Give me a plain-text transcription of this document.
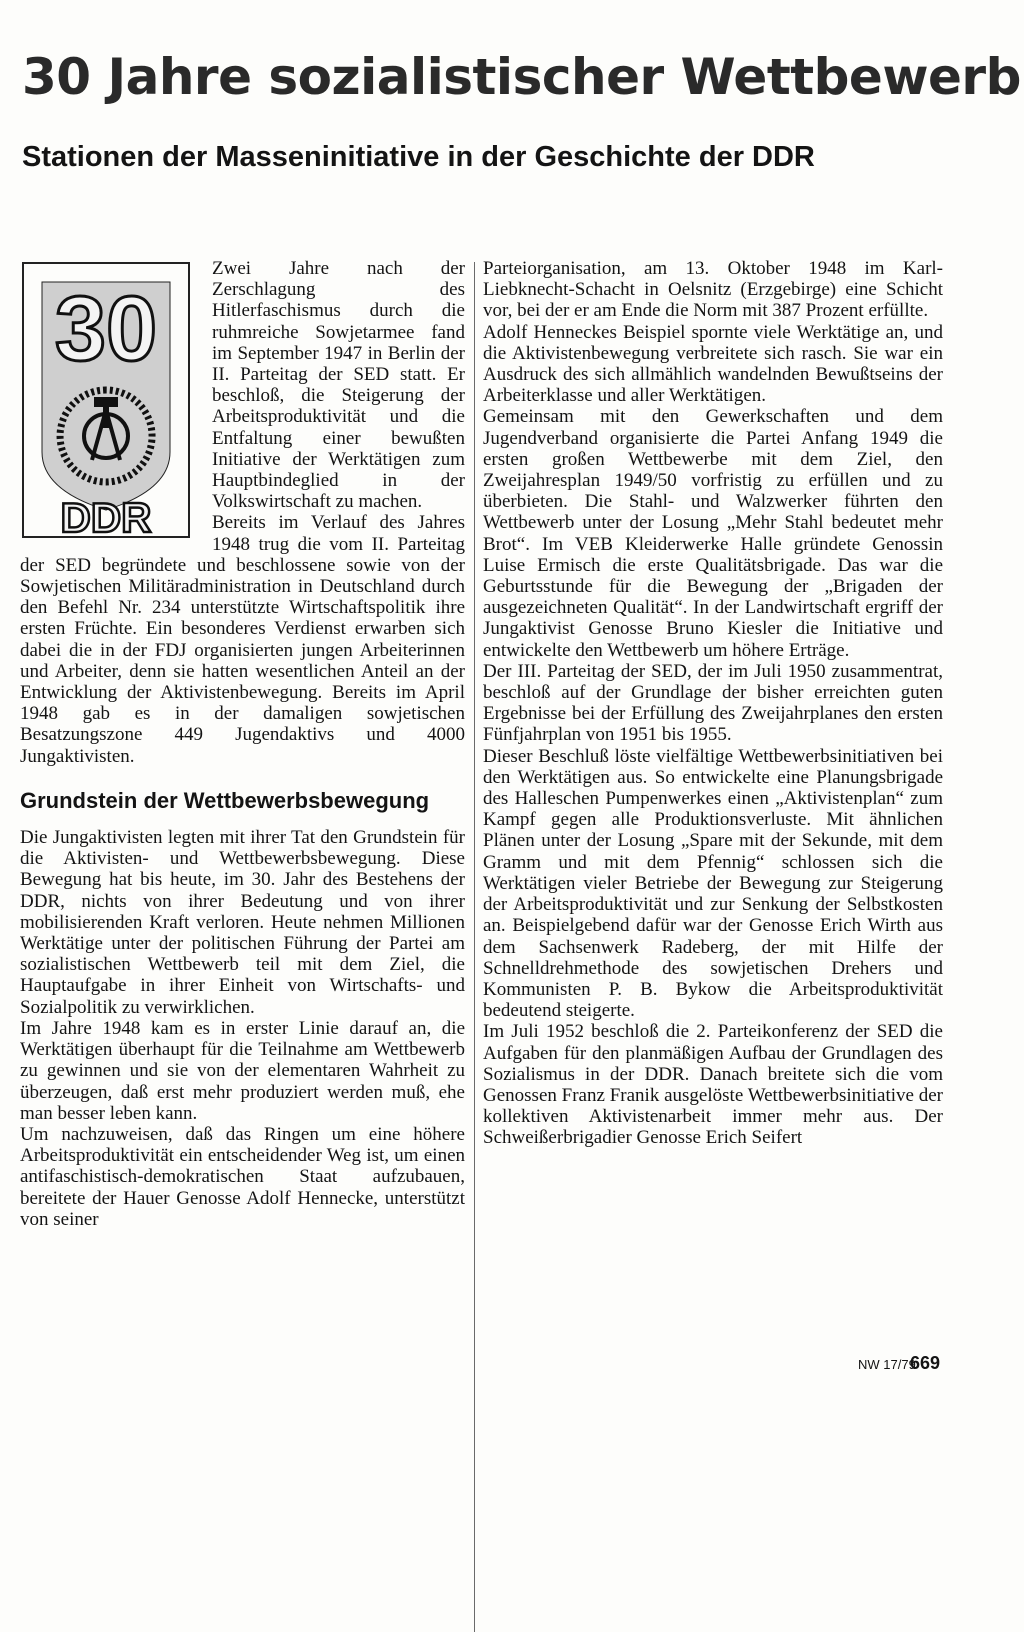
30 Jahre sozialistischer Wettbewerb
Stationen der Masseninitiative in der Geschichte der DDR
30
DDR

Zwei Jahre nach der Zerschlagung des Hitlerfaschismus durch die ruhmreiche Sowjetarmee fand im September 1947 in Berlin der II. Parteitag der SED statt. Er beschloß, die Steigerung der Arbeitsproduktivität und die Entfaltung einer bewußten Initiative der Werktätigen zum Hauptbindeglied in der Volkswirtschaft zu machen.

Bereits im Verlauf des Jahres 1948 trug die vom II. Parteitag der SED begründete und beschlossene sowie von der Sowjetischen Militäradministration in Deutschland durch den Befehl Nr. 234 unterstützte Wirtschaftspolitik ihre ersten Früchte. Ein besonderes Verdienst erwarben sich dabei die in der FDJ organisierten jungen Arbeiterinnen und Arbeiter, denn sie hatten wesentlichen Anteil an der Entwicklung der Aktivistenbewegung. Bereits im April 1948 gab es in der damaligen sowjetischen Besatzungszone 449 Jugendaktivs und 4000 Jungaktivisten.

Grundstein der Wettbewerbsbewegung

Die Jungaktivisten legten mit ihrer Tat den Grundstein für die Aktivisten- und Wettbewerbsbewegung. Diese Bewegung hat bis heute, im 30. Jahr des Bestehens der DDR, nichts von ihrer Bedeutung und von ihrer mobilisierenden Kraft verloren. Heute nehmen Millionen Werktätige unter der politischen Führung der Partei am sozialistischen Wettbewerb teil mit dem Ziel, die Hauptaufgabe in ihrer Einheit von Wirtschafts- und Sozialpolitik zu verwirklichen.

Im Jahre 1948 kam es in erster Linie darauf an, die Werktätigen überhaupt für die Teilnahme am Wettbewerb zu gewinnen und sie von der elementaren Wahrheit zu überzeugen, daß erst mehr produziert werden muß, ehe man besser leben kann.

Um nachzuweisen, daß das Ringen um eine höhere Arbeitsproduktivität ein entscheidender Weg ist, um einen antifaschistisch-demokratischen Staat aufzubauen, bereitete der Hauer Genosse Adolf Hennecke, unterstützt von seiner

Parteiorganisation, am 13. Oktober 1948 im Karl-Liebknecht-Schacht in Oelsnitz (Erzgebirge) eine Schicht vor, bei der er am Ende die Norm mit 387 Prozent erfüllte.

Adolf Henneckes Beispiel spornte viele Werktätige an, und die Aktivistenbewegung verbreitete sich rasch. Sie war ein Ausdruck des sich allmählich wandelnden Bewußtseins der Arbeiterklasse und aller Werktätigen.

Gemeinsam mit den Gewerkschaften und dem Jugendverband organisierte die Partei Anfang 1949 die ersten großen Wettbewerbe mit dem Ziel, den Zweijahresplan 1949/50 vorfristig zu erfüllen und zu überbieten. Die Stahl- und Walzwerker führten den Wettbewerb unter der Losung „Mehr Stahl bedeutet mehr Brot“. Im VEB Kleiderwerke Halle gründete Genossin Luise Ermisch die erste Qualitätsbrigade. Das war die Geburtsstunde für die Bewegung der „Brigaden der ausgezeichneten Qualität“. In der Landwirtschaft ergriff der Jungaktivist Genosse Bruno Kiesler die Initiative und entwickelte den Wettbewerb um höhere Erträge.

Der III. Parteitag der SED, der im Juli 1950 zusammentrat, beschloß auf der Grundlage der bisher erreichten guten Ergebnisse bei der Erfüllung des Zweijahrplanes den ersten Fünfjahrplan von 1951 bis 1955.

Dieser Beschluß löste vielfältige Wettbewerbsinitiativen bei den Werktätigen aus. So entwickelte eine Planungsbrigade des Halleschen Pumpenwerkes einen „Aktivistenplan“ zum Kampf gegen alle Produktionsverluste. Mit ähnlichen Plänen unter der Losung „Spare mit der Sekunde, mit dem Gramm und mit dem Pfennig“ schlossen sich die Werktätigen vieler Betriebe der Bewegung zur Steigerung der Arbeitsproduktivität und zur Senkung der Selbstkosten an. Beispielgebend dafür war der Genosse Erich Wirth aus dem Sachsenwerk Radeberg, der mit Hilfe der Schnelldrehmethode des sowjetischen Drehers und Kommunisten P. B. Bykow die Arbeitsproduktivität bedeutend steigerte.

Im Juli 1952 beschloß die 2. Parteikonferenz der SED die Aufgaben für den planmäßigen Aufbau der Grundlagen des Sozialismus in der DDR. Danach breitete sich die vom Genossen Franz Franik ausgelöste Wettbewerbsinitiative der kollektiven Aktivistenarbeit immer mehr aus. Der Schweißerbrigadier Genosse Erich Seifert

NW 17/79
669
